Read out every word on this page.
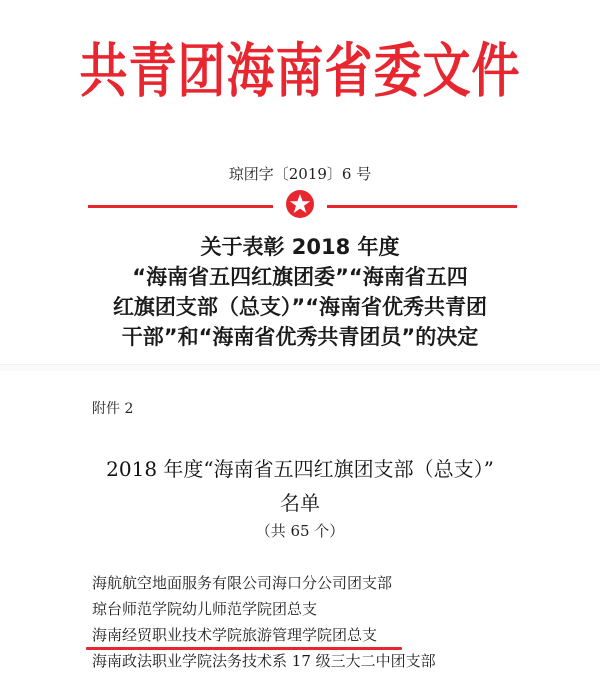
共青团海南省委文件
琼团字〔2019〕6 号
关于表彰 2018 年度
“海南省五四红旗团委”“海南省五四
红旗团支部（总支）”“海南省优秀共青团
干部”和“海南省优秀共青团员”的决定
附件 2
2018 年度“海南省五四红旗团支部（总支）”
名单
（共 65 个）
海航航空地面服务有限公司海口分公司团支部
琼台师范学院幼儿师范学院团总支
海南经贸职业技术学院旅游管理学院团总支
海南政法职业学院法务技术系 17 级三大二中团支部
